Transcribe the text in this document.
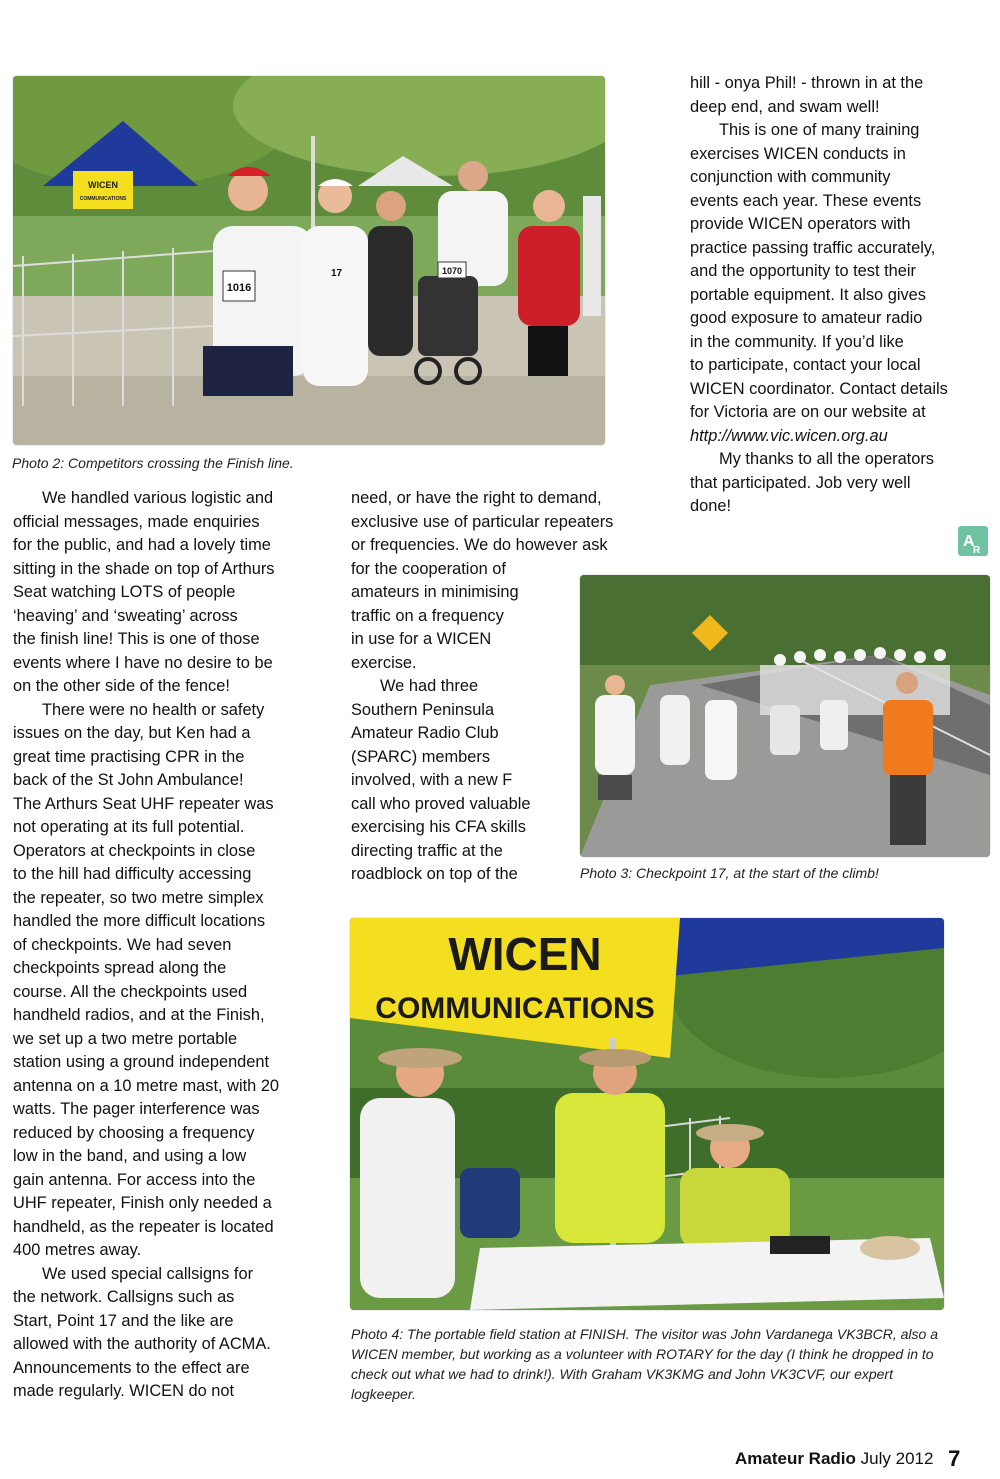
WICEN
COMMUNICATIONS
1016
17	1070
Photo 2: Competitors crossing the Finish line.
Photo 3: Checkpoint 17, at the start of the climb!
WICEN
COMMUNICATIONS
Photo 4: The portable field station at FINISH. The visitor was John Vardanega VK3BCR, also a WICEN member, but working as a volunteer with ROTARY for the day (I think he dropped in to check out what we had to drink!). With Graham VK3KMG and John VK3CVF, our expert logkeeper.

We handled various logistic and
official messages, made enquiries
for the public, and had a lovely time
sitting in the shade on top of Arthurs
Seat watching LOTS of people
‘heaving’ and ‘sweating’ across
the finish line! This is one of those
events where I have no desire to be
on the other side of the fence!

There were no health or safety
issues on the day, but Ken had a
great time practising CPR in the
back of the St John Ambulance!
The Arthurs Seat UHF repeater was
not operating at its full potential.
Operators at checkpoints in close
to the hill had difficulty accessing
the repeater, so two metre simplex
handled the more difficult locations
of checkpoints. We had seven
checkpoints spread along the
course. All the checkpoints used
handheld radios, and at the Finish,
we set up a two metre portable
station using a ground independent
antenna on a 10 metre mast, with 20
watts. The pager interference was
reduced by choosing a frequency
low in the band, and using a low
gain antenna. For access into the
UHF repeater, Finish only needed a
handheld, as the repeater is located
400 metres away.

We used special callsigns for
the network. Callsigns such as
Start, Point 17 and the like are
allowed with the authority of ACMA.
Announcements to the effect are
made regularly. WICEN do not

need, or have the right to demand,
exclusive use of particular repeaters
or frequencies. We do however ask
for the cooperation of
amateurs in minimising
traffic on a frequency
in use for a WICEN
exercise.

We had three
Southern Peninsula
Amateur Radio Club
(SPARC) members
involved, with a new F
call who proved valuable
exercising his CFA skills
directing traffic at the
roadblock on top of the

hill - onya Phil! - thrown in at the
deep end, and swam well!

This is one of many training
exercises WICEN conducts in
conjunction with community
events each year. These events
provide WICEN operators with
practice passing traffic accurately,
and the opportunity to test their
portable equipment. It also gives
good exposure to amateur radio
in the community. If you’d like
to participate, contact your local
WICEN coordinator. Contact details
for Victoria are on our website at

http://www.vic.wicen.org.au

My thanks to all the operators
that participated. Job very well
done!

A
R
Amateur Radio July 2012 7
